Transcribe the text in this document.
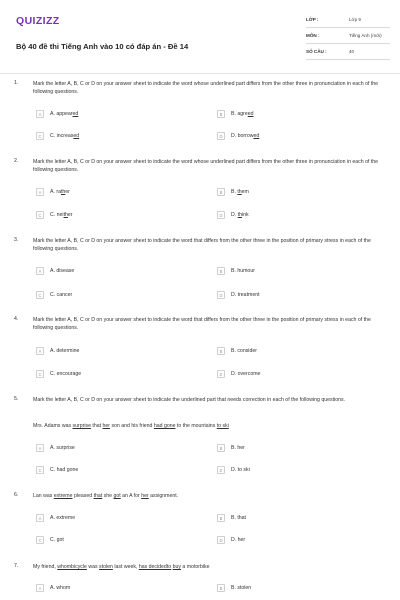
QUIZIZZ
Bộ 40 đề thi Tiếng Anh vào 10 có đáp án - Đề 14
LỚP :	Lớp 9
MÔN :	Tiếng Anh (mới)
SỐ CÂU :	40
1.	Mark the letter A, B, C or D on your answer sheet to indicate the word whose underlined part differs from the other three in pronunciation in each of the following questions.
A	A. appeared	B	B. agreed
C	C. increased	D	D. borrowed
2.	Mark the letter A, B, C or D on your answer sheet to indicate the word whose underlined part differs from the other three in pronunciation in each of the following questions.
A	A. rather	B	B. them
C	C. neither	D	D. think
3.	Mark the letter A, B, C or D on your answer sheet to indicate the word that differs from the other three in the position of primary stress in each of the following questions.
A	A. disease	B	B. humour
C	C. cancer	D	D. treatment
4.	Mark the letter A, B, C or D on your answer sheet to indicate the word that differs from the other three in the position of primary stress in each of the following questions.
A	A. determine	B	B. consider
C	C. encourage	D	D. overcome
5.	Mark the letter A, B, C or D on your answer sheet to indicate the underlined part that needs correction in each of the following questions.
Mrs. Adams was surprise that her son and his friend had gone to the mountains to ski
A	A. surprise	B	B. her
C	C. had gone	D	D. to ski
6.	Lan was extreme pleased that she got an A for her assignment.
A	A. extreme	B	B. that
C	C. got	D	D. her
7.	My friend, whombicycle was stolen last week, has decidedto buy a motorbike
A	A. whom	B	B. stolen
